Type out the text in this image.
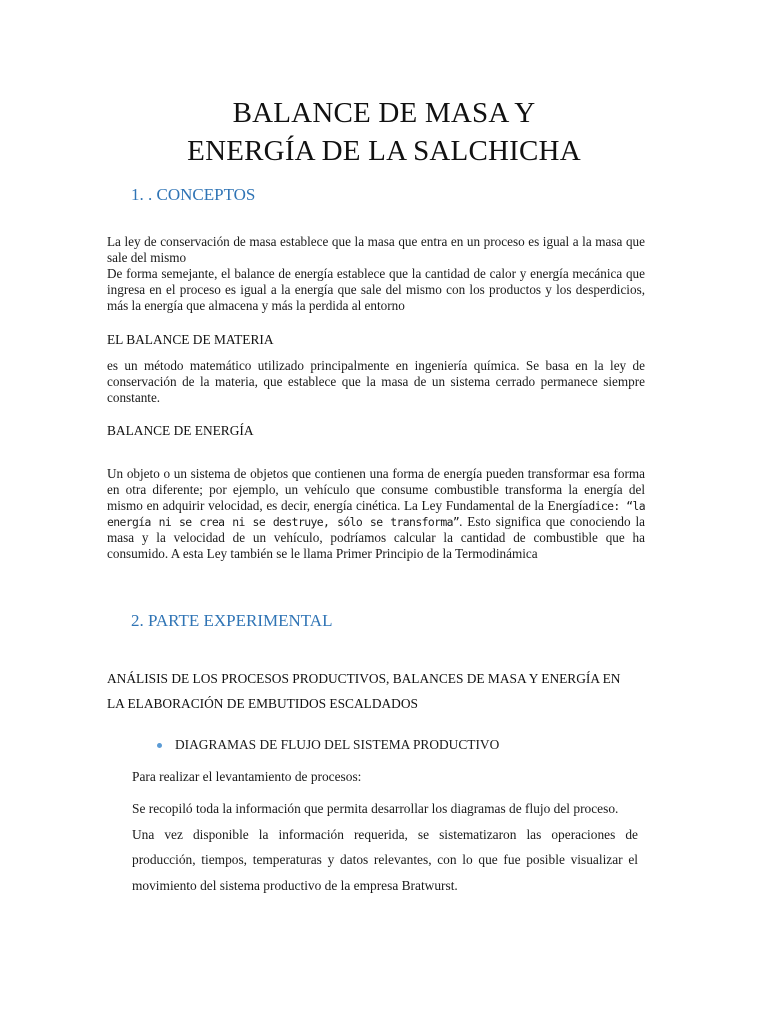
BALANCE DE MASA Y
ENERGÍA DE LA SALCHICHA
1. . CONCEPTOS

La ley de conservación de masa establece que la masa que entra en un proceso es igual a la masa que sale del mismo

De forma semejante, el balance de energía establece que la cantidad de calor y energía mecánica que ingresa en el proceso es igual a la energía que sale del mismo con los productos y los desperdicios, más la energía que almacena y más la perdida al entorno

EL BALANCE DE MATERIA
es un método matemático utilizado principalmente en ingeniería química. Se basa en la ley de conservación de la materia, que establece que la masa de un sistema cerrado permanece siempre constante.
BALANCE DE ENERGÍA
Un objeto o un sistema de objetos que contienen una forma de energía pueden transformar esa forma en otra diferente; por ejemplo, un vehículo que consume combustible transforma la energía del mismo en adquirir velocidad, es decir, energía cinética. La Ley Fundamental de la Energíadice: “la energía ni se crea ni se destruye, sólo se transforma”. Esto significa que conociendo la masa y la velocidad de un vehículo, podríamos calcular la cantidad de combustible que ha consumido. A esta Ley también se le llama Primer Principio de la Termodinámica
2. PARTE EXPERIMENTAL
ANÁLISIS DE LOS PROCESOS PRODUCTIVOS, BALANCES DE MASA Y ENERGÍA EN
LA ELABORACIÓN DE EMBUTIDOS ESCALDADOS
DIAGRAMAS DE FLUJO DEL SISTEMA PRODUCTIVO
Para realizar el levantamiento de procesos:

Se recopiló toda la información que permita desarrollar los diagramas de flujo del proceso.

Una vez disponible la información requerida, se sistematizaron las operaciones de producción, tiempos, temperaturas y datos relevantes, con lo que fue posible visualizar el movimiento del sistema productivo de la empresa Bratwurst.
